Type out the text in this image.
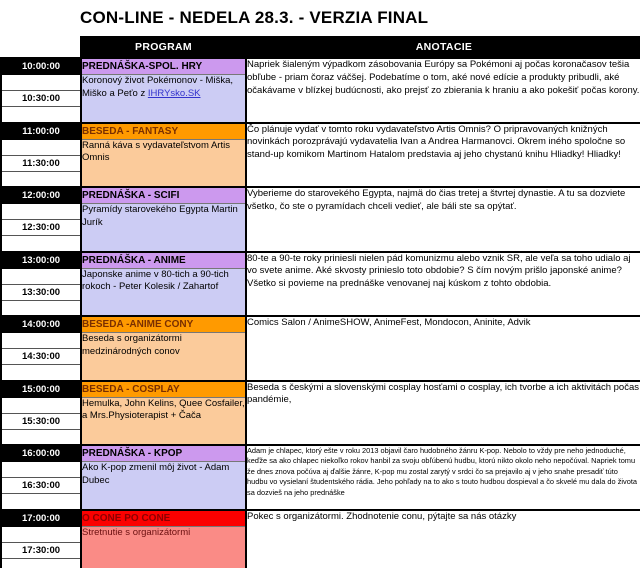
CON-LINE - NEDELA 28.3. - VERZIA FINAL
	PROGRAM	ANOTACIE
10:00:00	PREDNÁŠKA-SPOL. HRY	Napriek šialeným výpadkom zásobovania Európy sa Pokémoni aj počas koronačasov tešia obľube - priam čoraz váčšej. Podebatíme o tom, aké nové edície a produkty pribudli, aké očakávame v blízkej budúcnosti, ako prejsť zo zbierania k hraniu a ako pokešiť počas korony.
	Koronový život Pokémonov - Miška, Miško a Peťo z IHRYsko.SK	
10:30:00		

11:00:00	BESEDA - FANTASY	Čo plánuje vydať v tomto roku vydavateľstvo Artis Omnis? O pripravovaných knižných novinkách porozprávajú vydavatelia Ivan a Andrea Harmanovci. Okrem iného spoločne so stand-up komikom Martinom Hatalom predstavia aj jeho chystanú knihu Hliadky! Hliadky!
	Ranná káva s vydavateľstvom Artis Omnis	
11:30:00		

12:00:00	PREDNÁŠKA - SCIFI	Vyberieme do starovekého Egypta, najmä do čias tretej a štvrtej dynastie. A tu sa dozviete všetko, čo ste o pyramídach chceli vedieť, ale báli ste sa opýtať.
	Pyramídy starovekého Egypta Martin Jurík	
12:30:00		

13:00:00	PREDNÁŠKA - ANIME	80-te a 90-te roky priniesli nielen pád komunizmu alebo vznik SR, ale veľa sa toho udialo aj vo svete anime. Aké skvosty prinieslo toto obdobie? S čím novým prišlo japonské anime? Všetko si povieme na prednáške venovanej naj kúskom z tohto obdobia.
	Japonske anime v 80-tich a 90-tich rokoch - Peter Kolesik / Zahartof	
13:30:00		

14:00:00	BESEDA -ANIME CONY	Comics Salon / AnimeSHOW, AnimeFest, Mondocon, Aninite, Advik
	Beseda s organizátormi medzinárodných conov	
14:30:00		

15:00:00	BESEDA - COSPLAY	Beseda s českými a slovenskými cosplay hosťami o cosplay, ich tvorbe a ich aktivitách počas pandémie,
	Hemulka, John Kelins, Quee Cosfailer, a Mrs.Physioterapist + Čača	
15:30:00		

16:00:00	PREDNÁŠKA - KPOP	Adam je chlapec, ktorý ešte v roku 2013 objavil čaro hudobného žánru K-pop. Nebolo to vždy pre neho jednoduché, keďže sa ako chlapec niekoľko rokov hanbil za svoju obľúbenú hudbu, ktorú nikto okolo neho nepočúval. Napriek tomu že dnes znova počúva aj ďalšie žánre, K-pop mu zostal zarytý v srdci čo sa prejavilo aj v jeho snahe presadiť túto hudbu vo vysielaní študentského rádia. Jeho pohľady na to ako s touto hudbou dospieval a čo skvelé mu dala do života sa dozvieš na jeho prednáške
	Ako K-pop zmenil môj život - Adam Dubec	
16:30:00		

17:00:00	O CONE PO CONE	Pokec s organizátormi. Zhodnotenie conu, pýtajte sa nás otázky
	Stretnutie s organizátormi	
17:30:00		
